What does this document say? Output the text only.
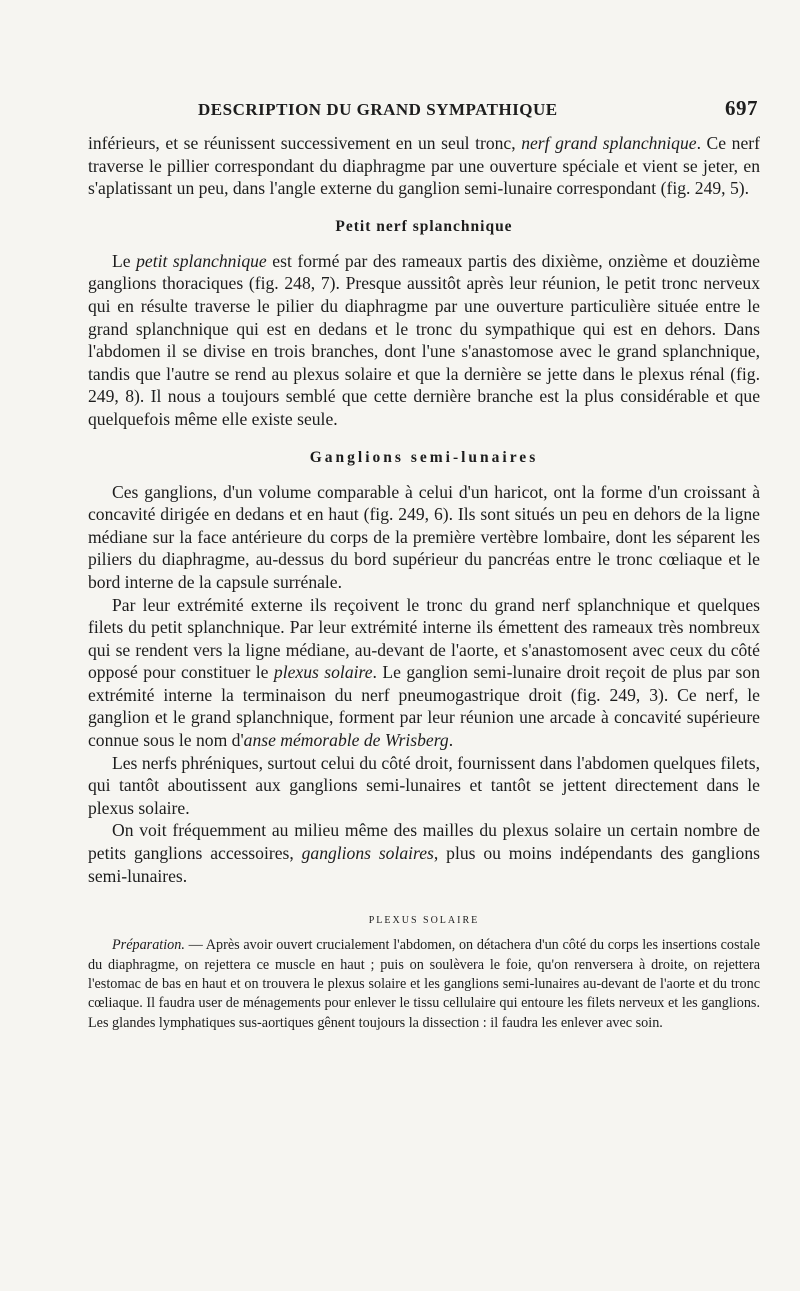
DESCRIPTION DU GRAND SYMPATHIQUE	697

inférieurs, et se réunissent successivement en un seul tronc, nerf grand splanchnique. Ce nerf traverse le pillier correspondant du diaphragme par une ouverture spéciale et vient se jeter, en s'aplatissant un peu, dans l'angle externe du ganglion semi-lunaire correspondant (fig. 249, 5).

Petit nerf splanchnique

Le petit splanchnique est formé par des rameaux partis des dixième, onzième et douzième ganglions thoraciques (fig. 248, 7). Presque aussitôt après leur réunion, le petit tronc nerveux qui en résulte traverse le pilier du diaphragme par une ouverture particulière située entre le grand splanchnique qui est en dedans et le tronc du sympathique qui est en dehors. Dans l'abdomen il se divise en trois branches, dont l'une s'anastomose avec le grand splanchnique, tandis que l'autre se rend au plexus solaire et que la dernière se jette dans le plexus rénal (fig. 249, 8). Il nous a toujours semblé que cette dernière branche est la plus considérable et que quelquefois même elle existe seule.

Ganglions semi-lunaires

Ces ganglions, d'un volume comparable à celui d'un haricot, ont la forme d'un croissant à concavité dirigée en dedans et en haut (fig. 249, 6). Ils sont situés un peu en dehors de la ligne médiane sur la face antérieure du corps de la première vertèbre lombaire, dont les séparent les piliers du diaphragme, au-dessus du bord supérieur du pancréas entre le tronc cœliaque et le bord interne de la capsule surrénale.

Par leur extrémité externe ils reçoivent le tronc du grand nerf splanchnique et quelques filets du petit splanchnique. Par leur extrémité interne ils émettent des rameaux très nombreux qui se rendent vers la ligne médiane, au-devant de l'aorte, et s'anastomosent avec ceux du côté opposé pour constituer le plexus solaire. Le ganglion semi-lunaire droit reçoit de plus par son extrémité interne la terminaison du nerf pneumogastrique droit (fig. 249, 3). Ce nerf, le ganglion et le grand splanchnique, forment par leur réunion une arcade à concavité supérieure connue sous le nom d'anse mémorable de Wrisberg.

Les nerfs phréniques, surtout celui du côté droit, fournissent dans l'abdomen quelques filets, qui tantôt aboutissent aux ganglions semi-lunaires et tantôt se jettent directement dans le plexus solaire.

On voit fréquemment au milieu même des mailles du plexus solaire un certain nombre de petits ganglions accessoires, ganglions solaires, plus ou moins indépendants des ganglions semi-lunaires.

PLEXUS SOLAIRE

Préparation. — Après avoir ouvert crucialement l'abdomen, on détachera d'un côté du corps les insertions costale du diaphragme, on rejettera ce muscle en haut ; puis on soulèvera le foie, qu'on renversera à droite, on rejettera l'estomac de bas en haut et on trouvera le plexus solaire et les ganglions semi-lunaires au-devant de l'aorte et du tronc cœliaque. Il faudra user de ménagements pour enlever le tissu cellulaire qui entoure les filets nerveux et les ganglions. Les glandes lymphatiques sus-aortiques gênent toujours la dissection : il faudra les enlever avec soin.
